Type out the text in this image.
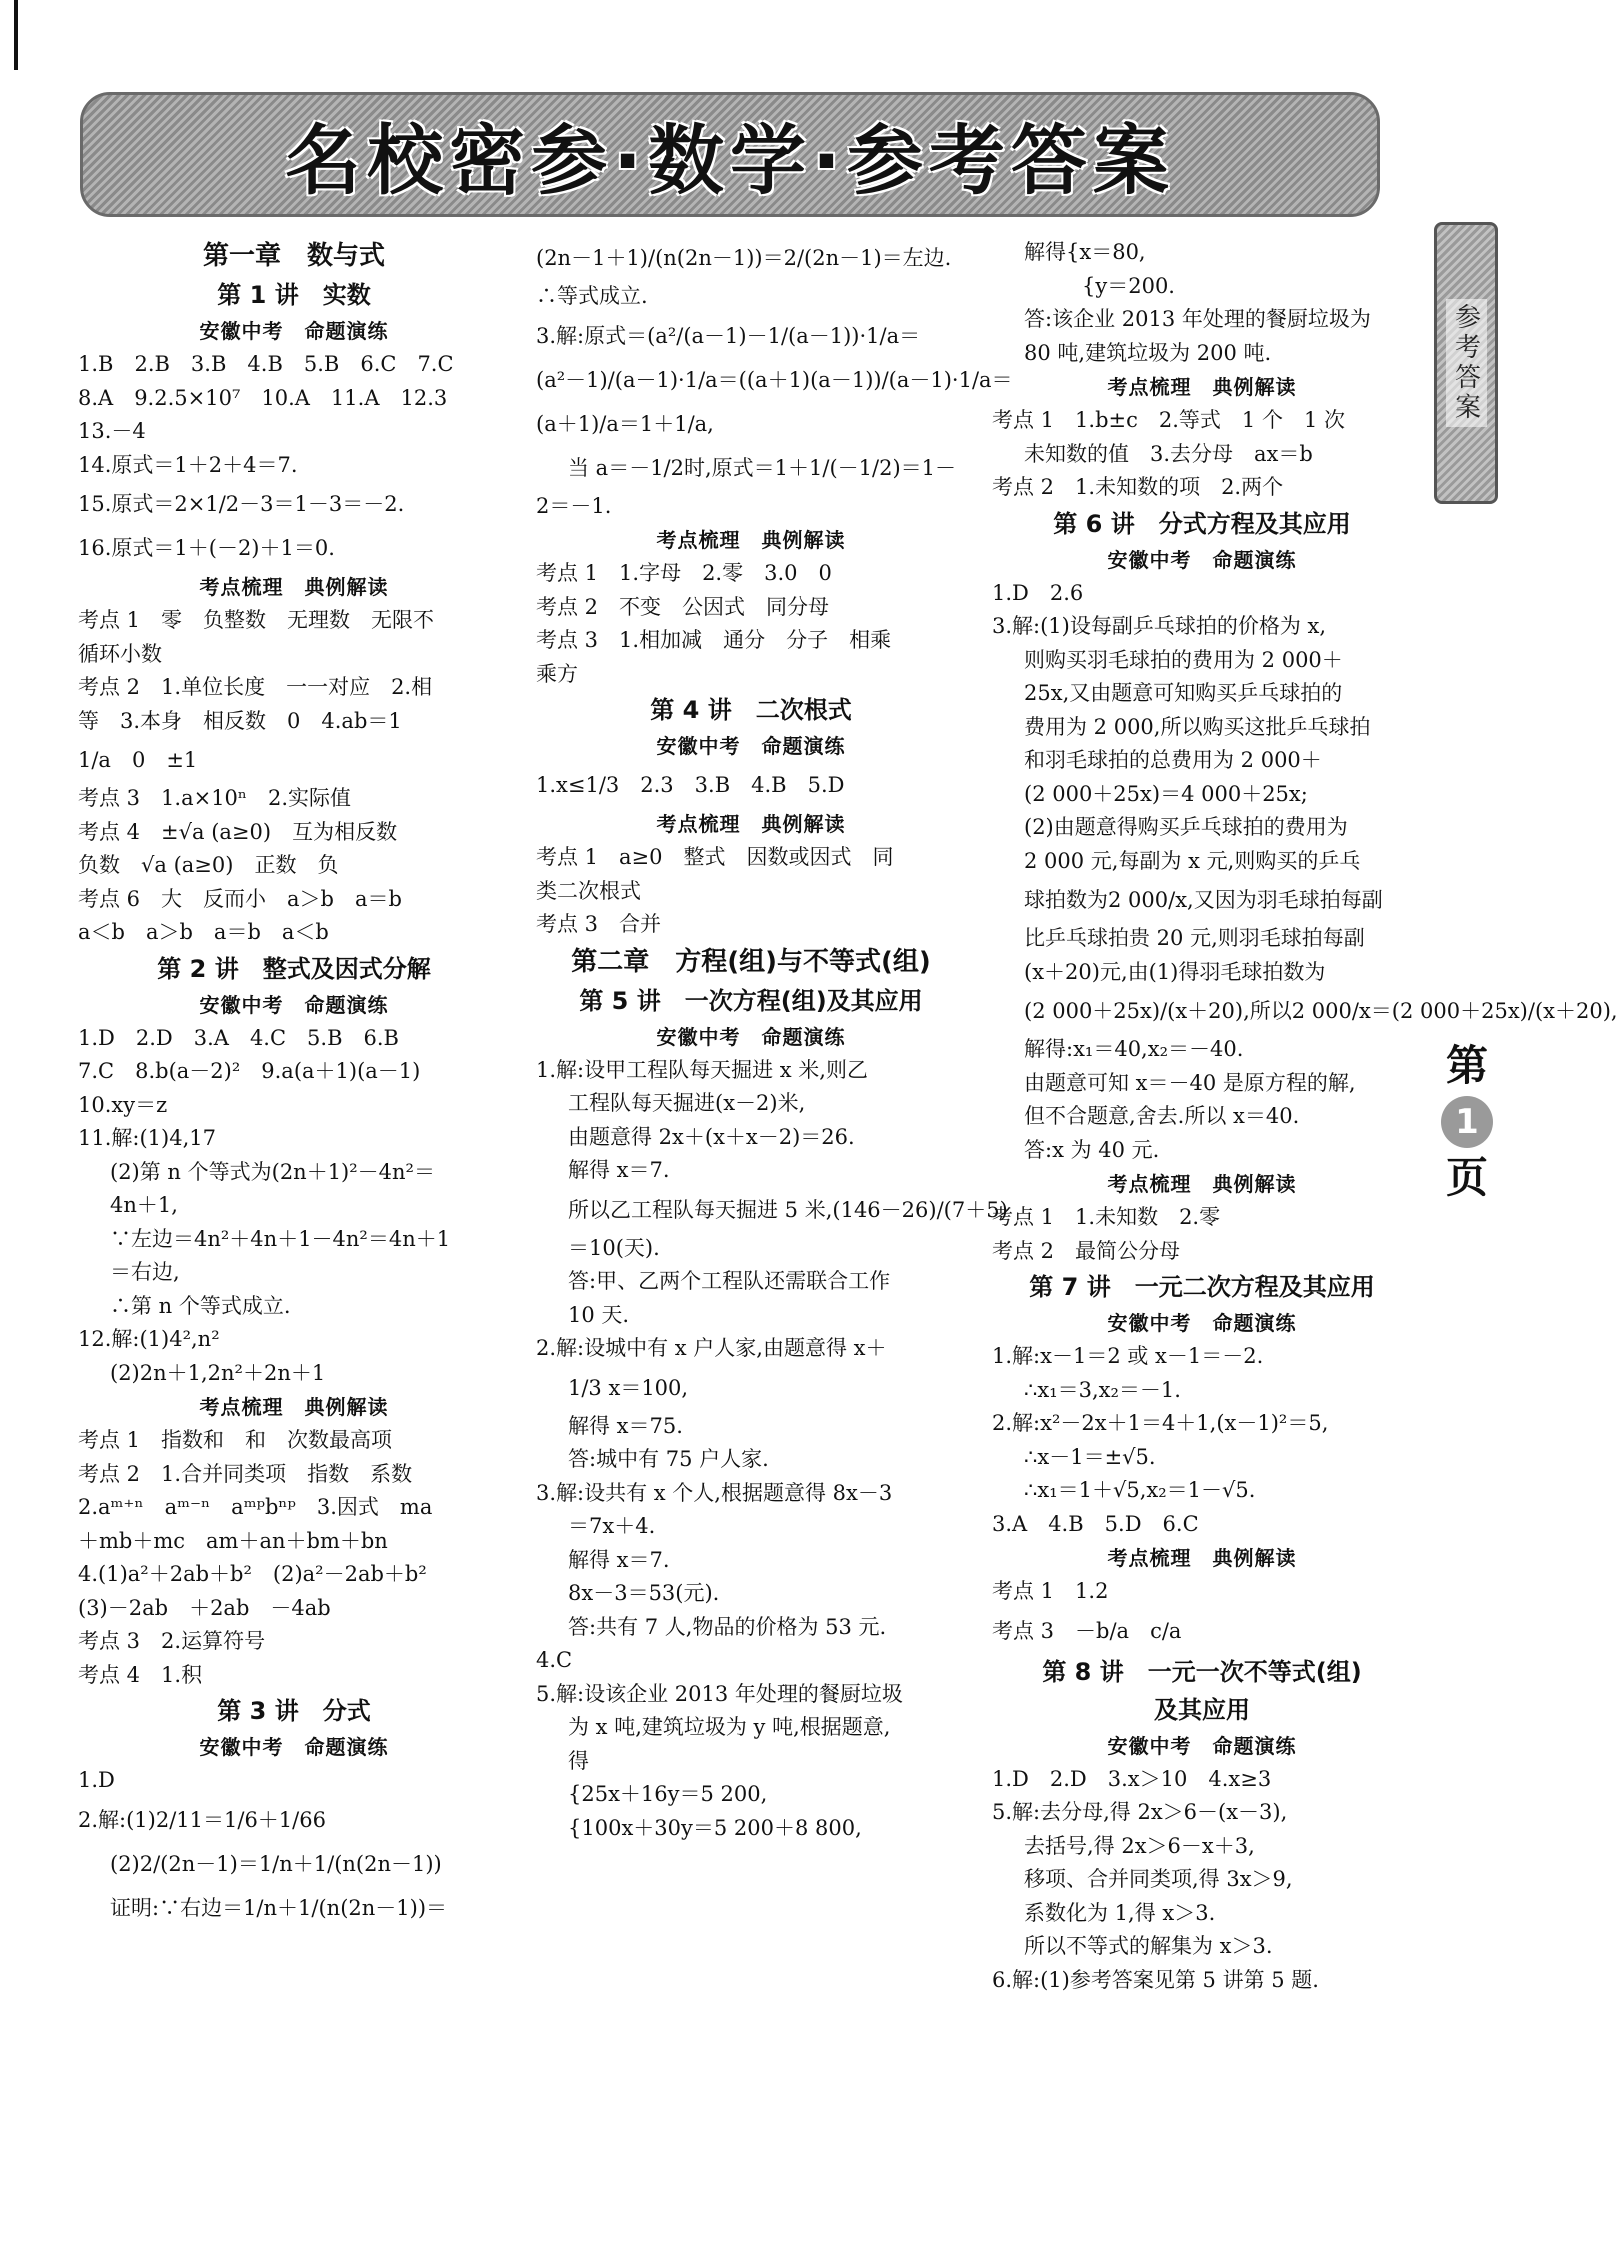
名校密参·数学·参考答案
参考答案
第
1
页

第一章　数与式

第 1 讲　实数

安徽中考　命题演练

1.B　2.B　3.B　4.B　5.B　6.C　7.C

8.A　9.2.5×10⁷　10.A　11.A　12.3

13.－4

14.原式＝1＋2＋4＝7.

15.原式＝2×1/2－3＝1－3＝－2.

16.原式＝1＋(－2)＋1＝0.

考点梳理　典例解读

考点 1　零　负整数　无理数　无限不

循环小数

考点 2　1.单位长度　一一对应　2.相

等　3.本身　相反数　0　4.ab＝1

1/a　0　±1

考点 3　1.a×10ⁿ　2.实际值

考点 4　±√a (a≥0)　互为相反数

负数　√a (a≥0)　正数　负

考点 6　大　反而小　a＞b　a＝b

a＜b　a＞b　a＝b　a＜b

第 2 讲　整式及因式分解

安徽中考　命题演练

1.D　2.D　3.A　4.C　5.B　6.B

7.C　8.b(a－2)²　9.a(a＋1)(a－1)

10.xy＝z

11.解:(1)4,17

(2)第 n 个等式为(2n＋1)²－4n²＝

4n＋1,

∵左边＝4n²＋4n＋1－4n²＝4n＋1

＝右边,

∴第 n 个等式成立.

12.解:(1)4²,n²

(2)2n＋1,2n²＋2n＋1

考点梳理　典例解读

考点 1　指数和　和　次数最高项

考点 2　1.合并同类项　指数　系数

2.aᵐ⁺ⁿ　aᵐ⁻ⁿ　aᵐᵖbⁿᵖ　3.因式　ma

＋mb＋mc　am＋an＋bm＋bn

4.(1)a²＋2ab＋b²　(2)a²－2ab＋b²

(3)－2ab　＋2ab　－4ab

考点 3　2.运算符号

考点 4　1.积

第 3 讲　分式

安徽中考　命题演练

1.D

2.解:(1)2/11＝1/6＋1/66

(2)2/(2n－1)＝1/n＋1/(n(2n－1))

证明:∵右边＝1/n＋1/(n(2n－1))＝

(2n－1＋1)/(n(2n－1))＝2/(2n－1)＝左边.

∴等式成立.

3.解:原式＝(a²/(a－1)－1/(a－1))·1/a＝

(a²－1)/(a－1)·1/a＝((a＋1)(a－1))/(a－1)·1/a＝

(a＋1)/a＝1＋1/a,

当 a＝－1/2时,原式＝1＋1/(－1/2)＝1－

2＝－1.

考点梳理　典例解读

考点 1　1.字母　2.零　3.0　0

考点 2　不变　公因式　同分母

考点 3　1.相加减　通分　分子　相乘

乘方

第 4 讲　二次根式

安徽中考　命题演练

1.x≤1/3　2.3　3.B　4.B　5.D

考点梳理　典例解读

考点 1　a≥0　整式　因数或因式　同

类二次根式

考点 3　合并

第二章　方程(组)与不等式(组)

第 5 讲　一次方程(组)及其应用

安徽中考　命题演练

1.解:设甲工程队每天掘进 x 米,则乙

工程队每天掘进(x－2)米,

由题意得 2x＋(x＋x－2)＝26.

解得 x＝7.

所以乙工程队每天掘进 5 米,(146－26)/(7＋5)

＝10(天).

答:甲、乙两个工程队还需联合工作

10 天.

2.解:设城中有 x 户人家,由题意得 x＋

1/3 x＝100,

解得 x＝75.

答:城中有 75 户人家.

3.解:设共有 x 个人,根据题意得 8x－3

＝7x＋4.

解得 x＝7.

8x－3＝53(元).

答:共有 7 人,物品的价格为 53 元.

4.C

5.解:设该企业 2013 年处理的餐厨垃圾

为 x 吨,建筑垃圾为 y 吨,根据题意,

得

{25x＋16y＝5 200,

{100x＋30y＝5 200＋8 800,

解得{x＝80,

　　{y＝200.

答:该企业 2013 年处理的餐厨垃圾为

80 吨,建筑垃圾为 200 吨.

考点梳理　典例解读

考点 1　1.b±c　2.等式　1 个　1 次

未知数的值　3.去分母　ax＝b

考点 2　1.未知数的项　2.两个

第 6 讲　分式方程及其应用

安徽中考　命题演练

1.D　2.6

3.解:(1)设每副乒乓球拍的价格为 x,

则购买羽毛球拍的费用为 2 000＋

25x,又由题意可知购买乒乓球拍的

费用为 2 000,所以购买这批乒乓球拍

和羽毛球拍的总费用为 2 000＋

(2 000＋25x)＝4 000＋25x;

(2)由题意得购买乒乓球拍的费用为

2 000 元,每副为 x 元,则购买的乒乓

球拍数为2 000/x,又因为羽毛球拍每副

比乒乓球拍贵 20 元,则羽毛球拍每副

(x＋20)元,由(1)得羽毛球拍数为

(2 000＋25x)/(x＋20),所以2 000/x＝(2 000＋25x)/(x＋20),

解得:x₁＝40,x₂＝－40.

由题意可知 x＝－40 是原方程的解,

但不合题意,舍去.所以 x＝40.

答:x 为 40 元.

考点梳理　典例解读

考点 1　1.未知数　2.零

考点 2　最简公分母

第 7 讲　一元二次方程及其应用

安徽中考　命题演练

1.解:x－1＝2 或 x－1＝－2.

∴x₁＝3,x₂＝－1.

2.解:x²－2x＋1＝4＋1,(x－1)²＝5,

∴x－1＝±√5.

∴x₁＝1＋√5,x₂＝1－√5.

3.A　4.B　5.D　6.C

考点梳理　典例解读

考点 1　1.2

考点 3　－b/a　c/a

第 8 讲　一元一次不等式(组)

及其应用

安徽中考　命题演练

1.D　2.D　3.x＞10　4.x≥3

5.解:去分母,得 2x＞6－(x－3),

去括号,得 2x＞6－x＋3,

移项、合并同类项,得 3x＞9,

系数化为 1,得 x＞3.

所以不等式的解集为 x＞3.

6.解:(1)参考答案见第 5 讲第 5 题.
